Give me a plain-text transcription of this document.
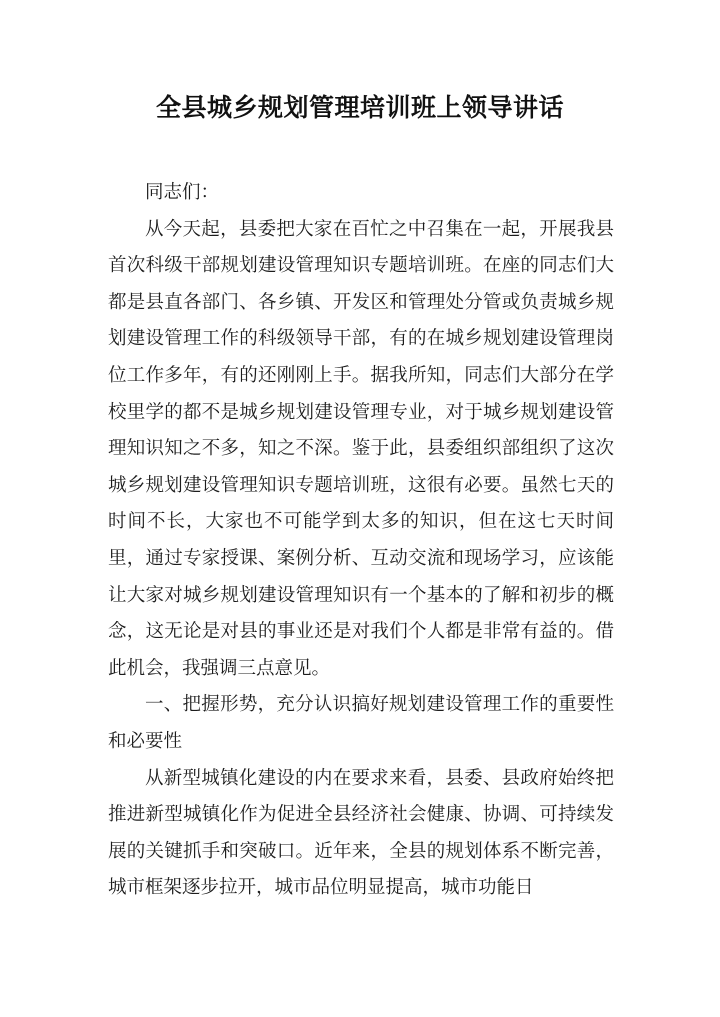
全县城乡规划管理培训班上领导讲话

同志们：

从今天起，县委把大家在百忙之中召集在一起，开展我县首次科级干部规划建设管理知识专题培训班。在座的同志们大都是县直各部门、各乡镇、开发区和管理处分管或负责城乡规划建设管理工作的科级领导干部，有的在城乡规划建设管理岗位工作多年，有的还刚刚上手。据我所知，同志们大部分在学校里学的都不是城乡规划建设管理专业，对于城乡规划建设管理知识知之不多，知之不深。鉴于此，县委组织部组织了这次城乡规划建设管理知识专题培训班，这很有必要。虽然七天的时间不长，大家也不可能学到太多的知识，但在这七天时间里，通过专家授课、案例分析、互动交流和现场学习，应该能让大家对城乡规划建设管理知识有一个基本的了解和初步的概念，这无论是对县的事业还是对我们个人都是非常有益的。借此机会，我强调三点意见。

一、把握形势，充分认识搞好规划建设管理工作的重要性和必要性

从新型城镇化建设的内在要求来看，县委、县政府始终把推进新型城镇化作为促进全县经济社会健康、协调、可持续发展的关键抓手和突破口。近年来，全县的规划体系不断完善，城市框架逐步拉开，城市品位明显提高，城市功能日
